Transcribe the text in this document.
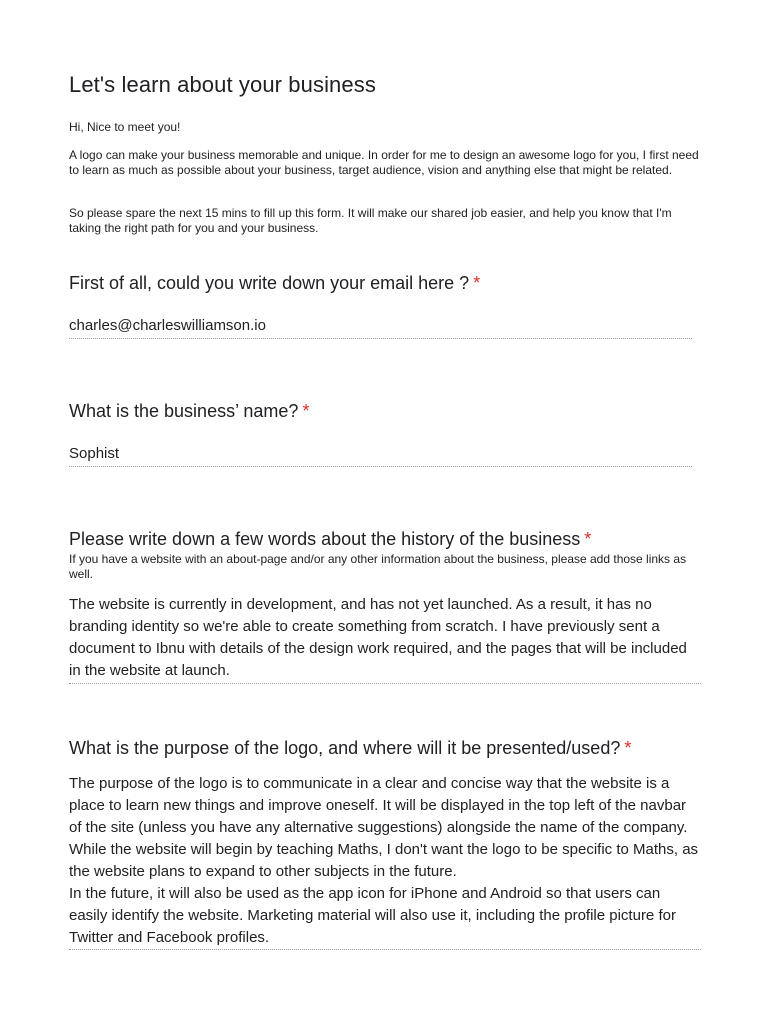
Let's learn about your business

Hi, Nice to meet you!

A logo can make your business memorable and unique. In order for me to design an awesome logo for you, I first need to learn as much as possible about your business, target audience, vision and anything else that might be related.

So please spare the next 15 mins to fill up this form. It will make our shared job easier, and help you know that I'm taking the right path for you and your business.

First of all, could you write down your email here ? *
charles@charleswilliamson.io
What is the business’ name? *
Sophist
Please write down a few words about the history of the business *

If you have a website with an about-page and/or any other information about the business, please add those links as well.

The website is currently in development, and has not yet launched. As a result, it has no branding identity so we're able to create something from scratch. I have previously sent a document to Ibnu with details of the design work required, and the pages that will be included in the website at launch.
What is the purpose of the logo, and where will it be presented/used? *
The purpose of the logo is to communicate in a clear and concise way that the website is a place to learn new things and improve oneself. It will be displayed in the top left of the navbar of the site (unless you have any alternative suggestions) alongside the name of the company. While the website will begin by teaching Maths, I don't want the logo to be specific to Maths, as the website plans to expand to other subjects in the future.
In the future, it will also be used as the app icon for iPhone and Android so that users can easily identify the website. Marketing material will also use it, including the profile picture for Twitter and Facebook profiles.
